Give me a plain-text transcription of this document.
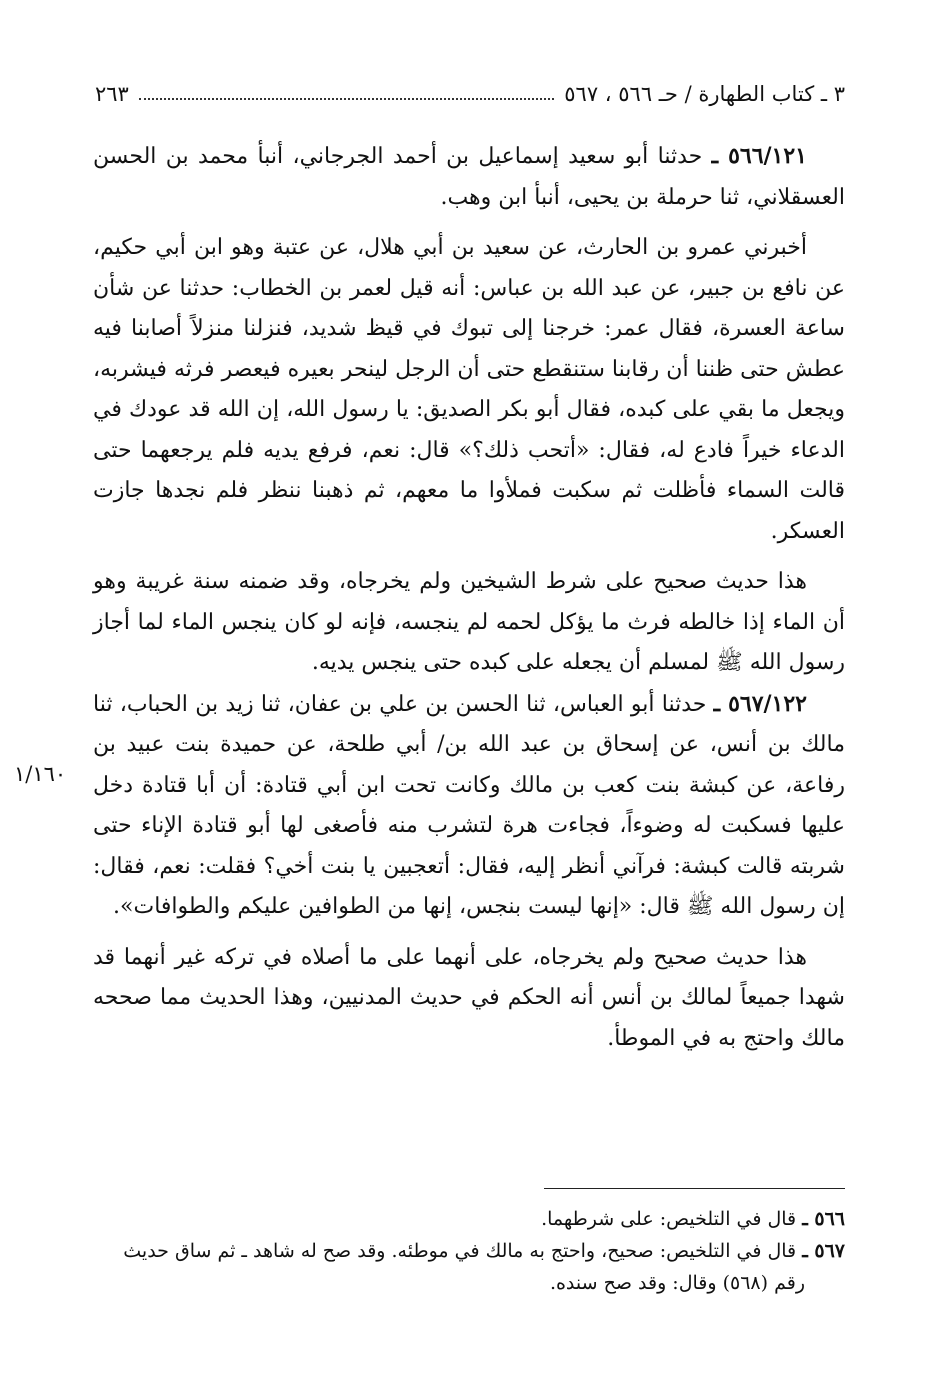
٣ ـ كتاب الطهارة / حـ ٥٦٦ ، ٥٦٧
٢٦٣
١/١٦٠

٥٦٦/١٢١ ـ حدثنا أبو سعيد إسماعيل بن أحمد الجرجاني، أنبأ محمد بن الحسن العسقلاني، ثنا حرملة بن يحيى، أنبأ ابن وهب.

أخبرني عمرو بن الحارث، عن سعيد بن أبي هلال، عن عتبة وهو ابن أبي حكيم، عن نافع بن جبير، عن عبد الله بن عباس: أنه قيل لعمر بن الخطاب: حدثنا عن شأن ساعة العسرة، فقال عمر: خرجنا إلى تبوك في قيظ شديد، فنزلنا منزلاً أصابنا فيه عطش حتى ظننا أن رقابنا ستنقطع حتى أن الرجل لينحر بعيره فيعصر فرثه فيشربه، ويجعل ما بقي على كبده، فقال أبو بكر الصديق: يا رسول الله، إن الله قد عودك في الدعاء خيراً فادع له، فقال: «أتحب ذلك؟» قال: نعم، فرفع يديه فلم يرجعهما حتى قالت السماء فأظلت ثم سكبت فملأوا ما معهم، ثم ذهبنا ننظر فلم نجدها جازت العسكر.

هذا حديث صحيح على شرط الشيخين ولم يخرجاه، وقد ضمنه سنة غريبة وهو أن الماء إذا خالطه فرث ما يؤكل لحمه لم ينجسه، فإنه لو كان ينجس الماء لما أجاز رسول الله ﷺ لمسلم أن يجعله على كبده حتى ينجس يديه.

٥٦٧/١٢٢ ـ حدثنا أبو العباس، ثنا الحسن بن علي بن عفان، ثنا زيد بن الحباب، ثنا مالك بن أنس، عن إسحاق بن عبد الله بن/ أبي طلحة، عن حميدة بنت عبيد بن رفاعة، عن كبشة بنت كعب بن مالك وكانت تحت ابن أبي قتادة: أن أبا قتادة دخل عليها فسكبت له وضوءاً، فجاءت هرة لتشرب منه فأصغى لها أبو قتادة الإناء حتى شربته قالت كبشة: فرآني أنظر إليه، فقال: أتعجبين يا بنت أخي؟ فقلت: نعم، فقال: إن رسول الله ﷺ قال: «إنها ليست بنجس، إنها من الطوافين عليكم والطوافات».

هذا حديث صحيح ولم يخرجاه، على أنهما على ما أصلاه في تركه غير أنهما قد شهدا جميعاً لمالك بن أنس أنه الحكم في حديث المدنيين، وهذا الحديث مما صححه مالك واحتج به في الموطأ.

٥٦٦ ـ قال في التلخيص: على شرطهما.

٥٦٧ ـ قال في التلخيص: صحيح، واحتج به مالك في موطئه. وقد صح له شاهد ـ ثم ساق حديث

رقم (٥٦٨) وقال: وقد صح سنده.
